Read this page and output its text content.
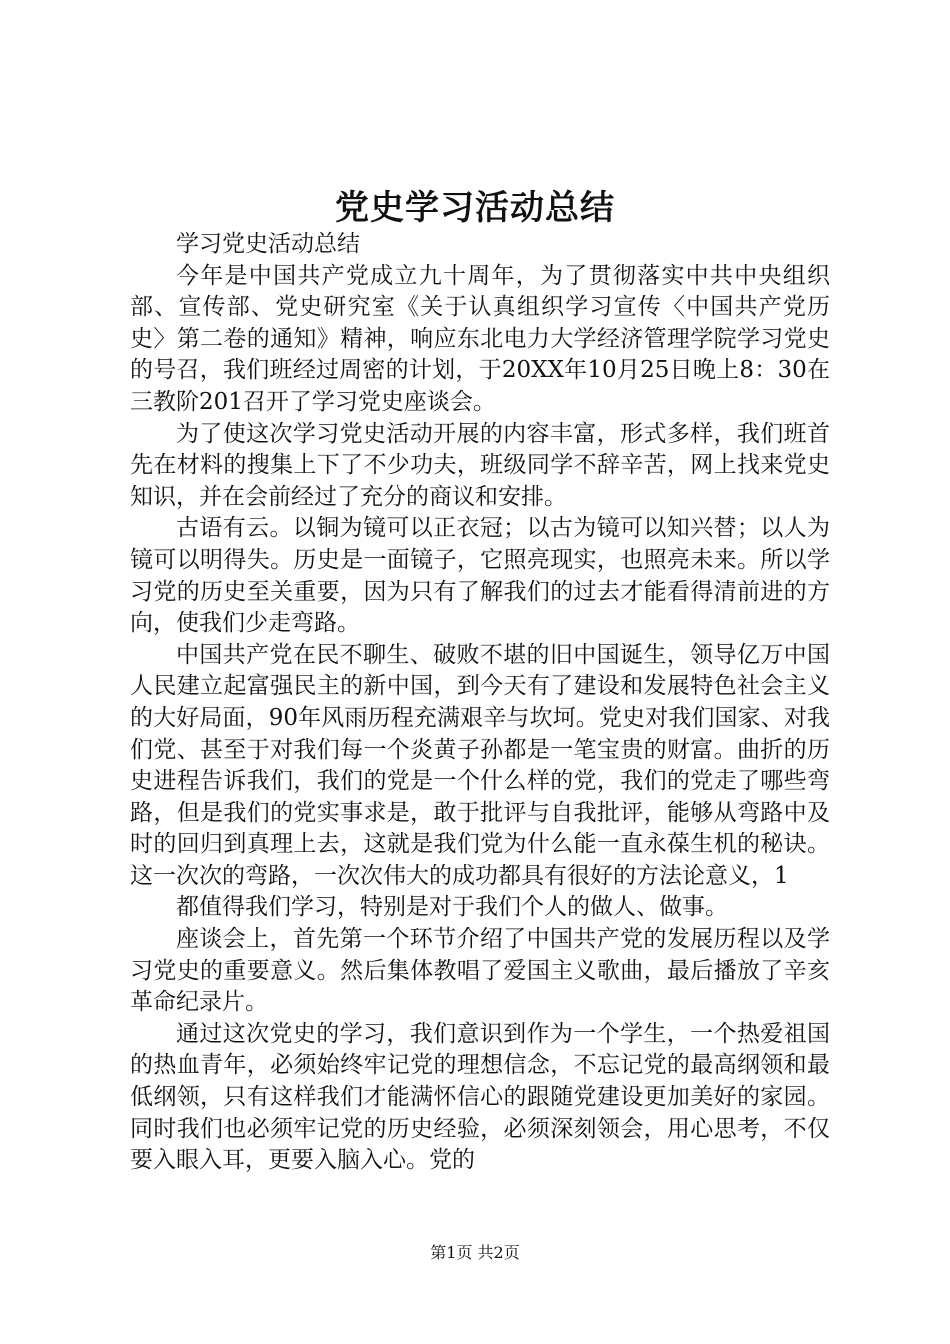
党史学习活动总结

学习党史活动总结

今年是中国共产党成立九十周年，为了贯彻落实中共中央组织部、宣传部、党史研究室《关于认真组织学习宣传〈中国共产党历史〉第二卷的通知》精神，响应东北电力大学经济管理学院学习党史的号召，我们班经过周密的计划，于20XX年10月25日晚上8：30在三教阶201召开了学习党史座谈会。

为了使这次学习党史活动开展的内容丰富，形式多样，我们班首先在材料的搜集上下了不少功夫，班级同学不辞辛苦，网上找来党史知识，并在会前经过了充分的商议和安排。

古语有云。以铜为镜可以正衣冠；以古为镜可以知兴替；以人为镜可以明得失。历史是一面镜子，它照亮现实，也照亮未来。所以学习党的历史至关重要，因为只有了解我们的过去才能看得清前进的方向，使我们少走弯路。

中国共产党在民不聊生、破败不堪的旧中国诞生，领导亿万中国人民建立起富强民主的新中国，到今天有了建设和发展特色社会主义的大好局面，90年风雨历程充满艰辛与坎坷。党史对我们国家、对我们党、甚至于对我们每一个炎黄子孙都是一笔宝贵的财富。曲折的历史进程告诉我们，我们的党是一个什么样的党，我们的党走了哪些弯路，但是我们的党实事求是，敢于批评与自我批评，能够从弯路中及时的回归到真理上去，这就是我们党为什么能一直永葆生机的秘诀。这一次次的弯路，一次次伟大的成功都具有很好的方法论意义，1

都值得我们学习，特别是对于我们个人的做人、做事。

座谈会上，首先第一个环节介绍了中国共产党的发展历程以及学习党史的重要意义。然后集体教唱了爱国主义歌曲，最后播放了辛亥革命纪录片。

通过这次党史的学习，我们意识到作为一个学生，一个热爱祖国的热血青年，必须始终牢记党的理想信念，不忘记党的最高纲领和最低纲领，只有这样我们才能满怀信心的跟随党建设更加美好的家园。同时我们也必须牢记党的历史经验，必须深刻领会，用心思考，不仅要入眼入耳，更要入脑入心。党的

第1页 共2页
